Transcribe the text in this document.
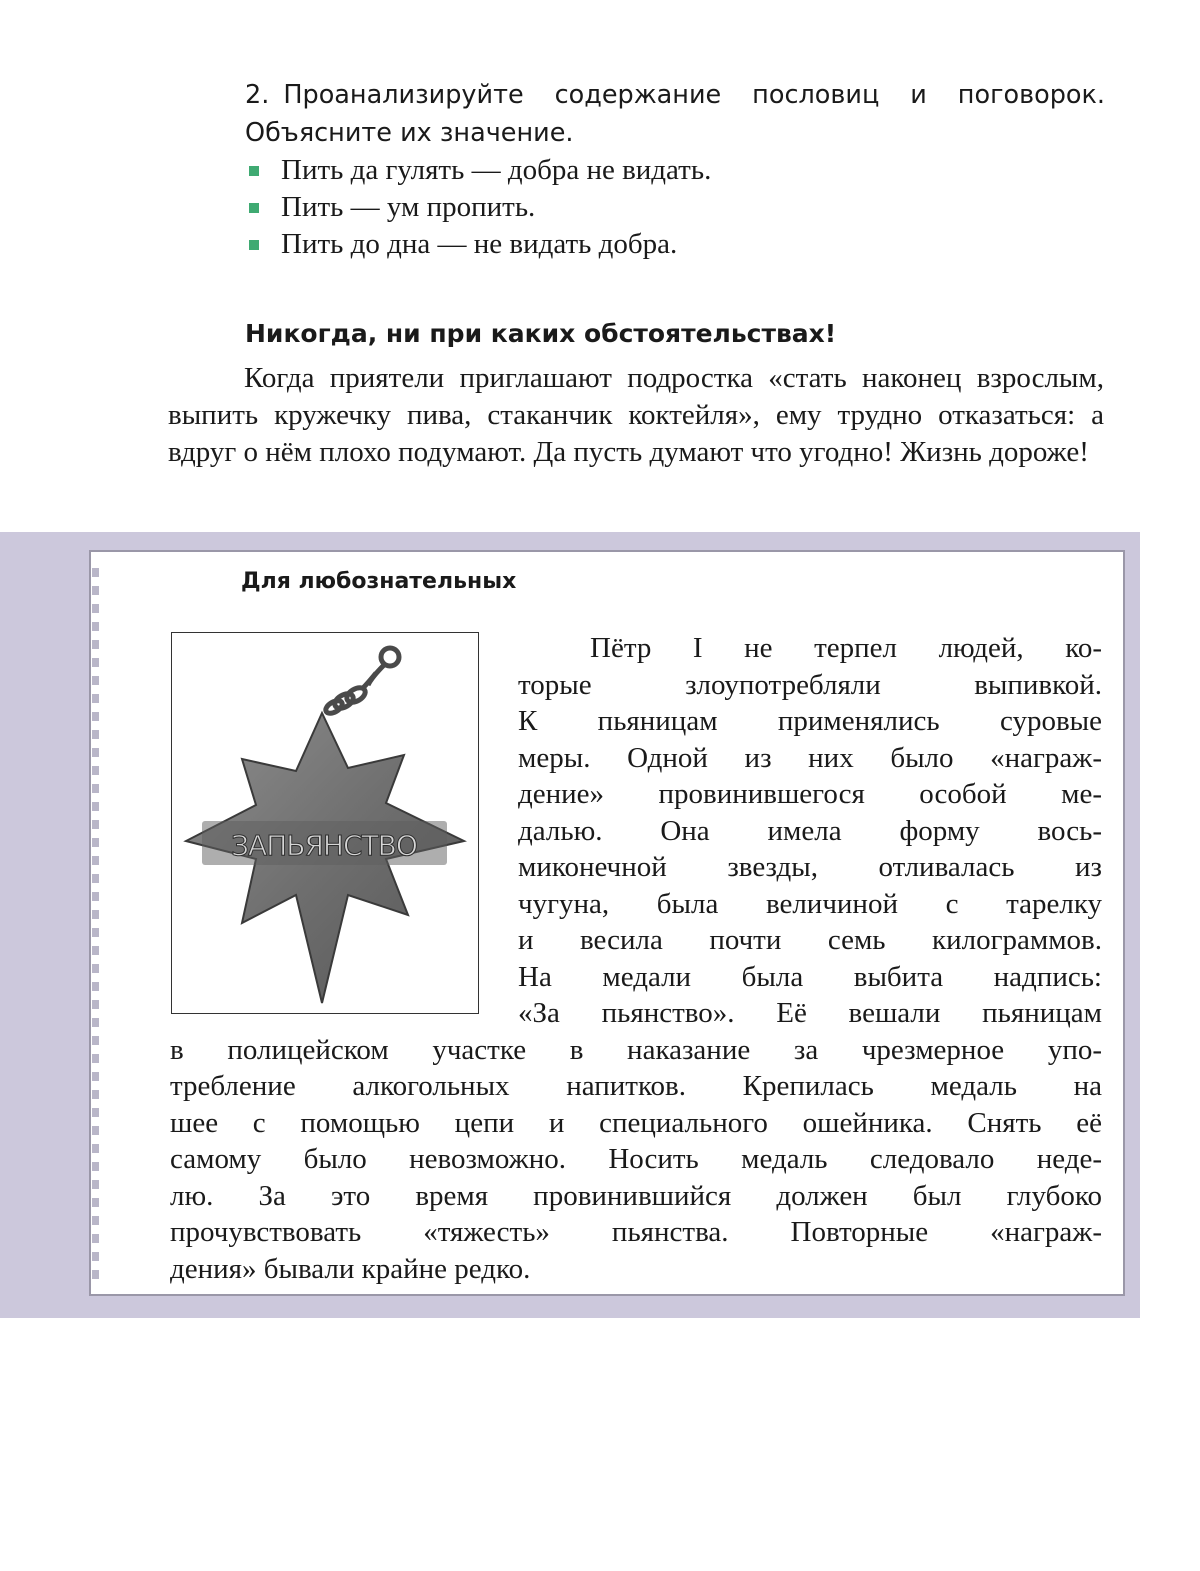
2. Проанализируйте содержание пословиц и поговорок. Объясните их значение.

Пить да гулять — добра не видать.
Пить — ум пропить.
Пить до дна — не видать добра.
Никогда, ни при каких обстоятельствах!

Когда приятели приглашают подростка «стать наконец взрослым, выпить кружечку пива, стаканчик коктейля», ему трудно отказаться: а вдруг о нём плохо подумают. Да пусть думают что угодно! Жизнь дороже!

Для любознательных
ЗАПЬЯНСТВО

Пётр I не терпел людей, ко-

торые злоупотребляли выпивкой.

К пьяницам применялись суровые

меры. Одной из них было «награж-

дение» провинившегося особой ме-

далью. Она имела форму вось-

миконечной звезды, отливалась из

чугуна, была величиной с тарелку

и весила почти семь килограммов.

На медали была выбита надпись:

«За пьянство». Её вешали пьяницам

в полицейском участке в наказание за чрезмерное упо-

требление алкогольных напитков. Крепилась медаль на

шее с помощью цепи и специального ошейника. Снять её

самому было невозможно. Носить медаль следовало неде-

лю. За это время провинившийся должен был глубоко

прочувствовать «тяжесть» пьянства. Повторные «награж-

дения» бывали крайне редко.
